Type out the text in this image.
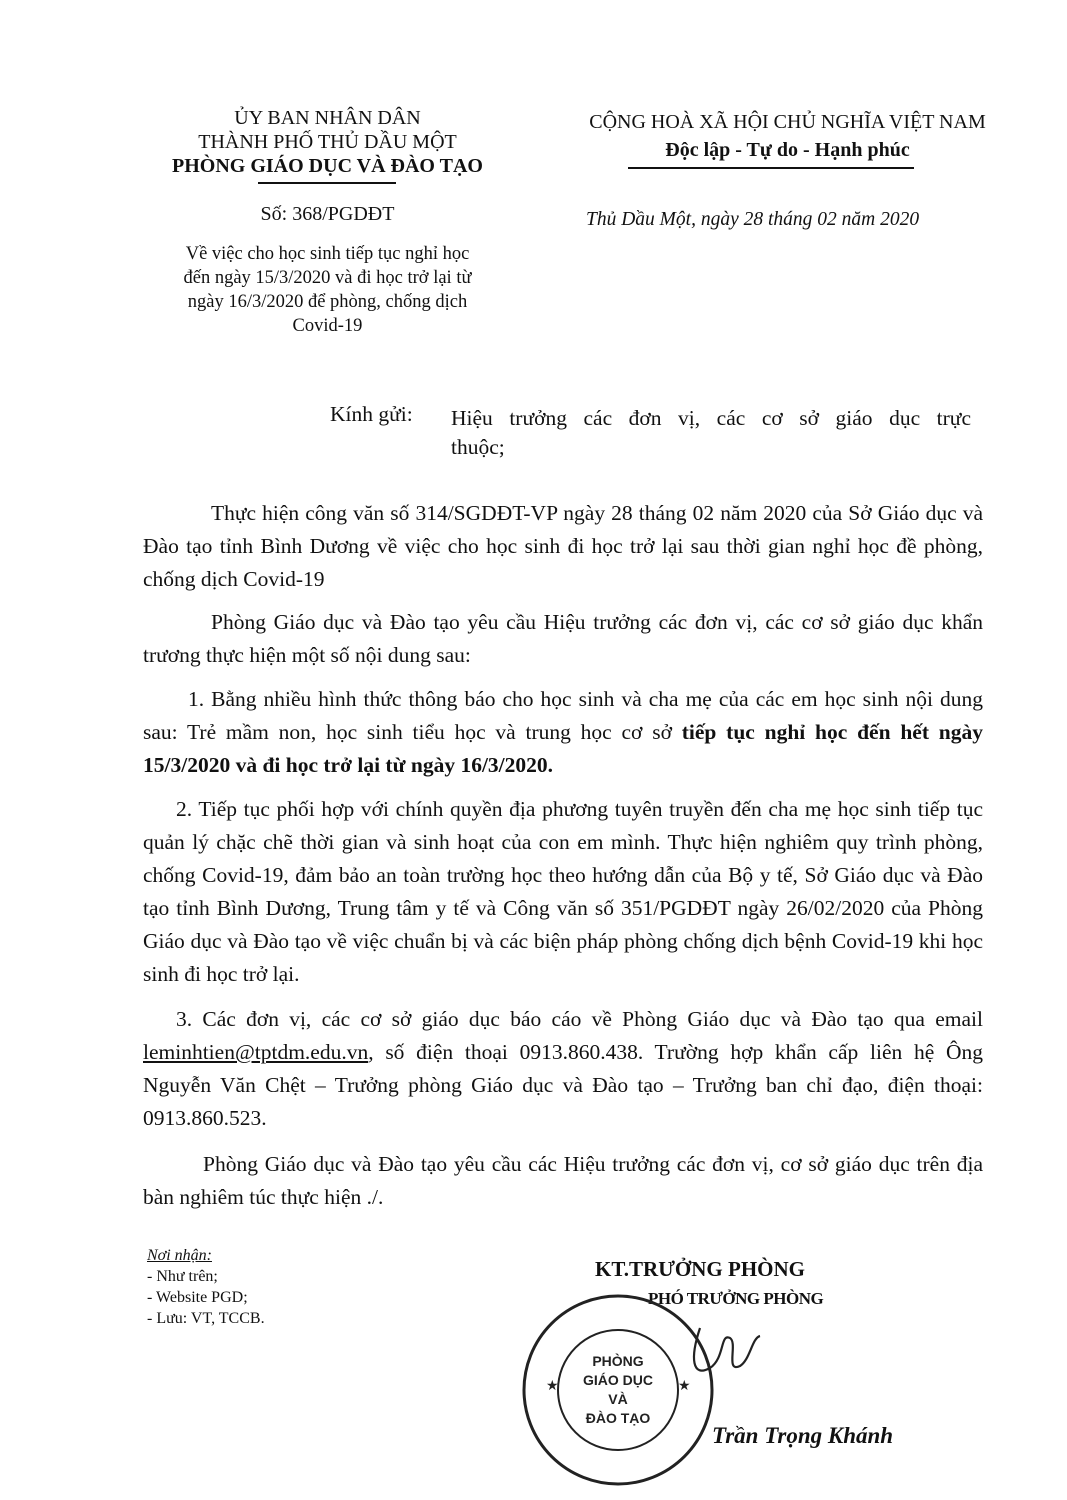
ỦY BAN NHÂN DÂN
THÀNH PHỐ THỦ DẦU MỘT
PHÒNG GIÁO DỤC VÀ ĐÀO TẠO
Số: 368/PGDĐT
Về việc cho học sinh tiếp tục nghỉ học
đến ngày 15/3/2020 và đi học trở lại từ
ngày 16/3/2020 để phòng, chống dịch
Covid-19
CỘNG HOÀ XÃ HỘI CHỦ NGHĨA VIỆT NAM
Độc lập - Tự do - Hạnh phúc
Thủ Dầu Một, ngày 28 tháng 02 năm 2020
Kính gửi: Hiệu trưởng các đơn vị, các cơ sở giáo dục trực
thuộc;
Thực hiện công văn số 314/SGDĐT-VP ngày 28 tháng 02 năm 2020 của Sở Giáo dục và Đào tạo tỉnh Bình Dương về việc cho học sinh đi học trở lại sau thời gian nghỉ học đề phòng, chống dịch Covid-19
Phòng Giáo dục và Đào tạo yêu cầu Hiệu trưởng các đơn vị, các cơ sở giáo dục khẩn trương thực hiện một số nội dung sau:
1. Bằng nhiều hình thức thông báo cho học sinh và cha mẹ của các em học sinh nội dung sau: Trẻ mầm non, học sinh tiểu học và trung học cơ sở tiếp tục nghỉ học đến hết ngày 15/3/2020 và đi học trở lại từ ngày 16/3/2020.
2. Tiếp tục phối hợp với chính quyền địa phương tuyên truyền đến cha mẹ học sinh tiếp tục quản lý chặc chẽ thời gian và sinh hoạt của con em mình. Thực hiện nghiêm quy trình phòng, chống Covid-19, đảm bảo an toàn trường học theo hướng dẫn của Bộ y tế, Sở Giáo dục và Đào tạo tỉnh Bình Dương, Trung tâm y tế và Công văn số 351/PGDĐT ngày 26/02/2020 của Phòng Giáo dục và Đào tạo về việc chuẩn bị và các biện pháp phòng chống dịch bệnh Covid-19 khi học sinh đi học trở lại.
3. Các đơn vị, các cơ sở giáo dục báo cáo về Phòng Giáo dục và Đào tạo qua email leminhtien@tptdm.edu.vn, số điện thoại 0913.860.438. Trường hợp khẩn cấp liên hệ Ông Nguyễn Văn Chệt – Trưởng phòng Giáo dục và Đào tạo – Trưởng ban chỉ đạo, điện thoại: 0913.860.523.
Phòng Giáo dục và Đào tạo yêu cầu các Hiệu trưởng các đơn vị, cơ sở giáo dục trên địa bàn nghiêm túc thực hiện ./.
Nơi nhận:
- Như trên;
- Website PGD;
- Lưu: VT, TCCB.
KT.TRƯỞNG PHÒNG
PHÓ TRƯỞNG PHÒNG
★	★
PHÒNG
GIÁO DỤC
VÀ
ĐÀO TẠO
Trần Trọng Khánh
